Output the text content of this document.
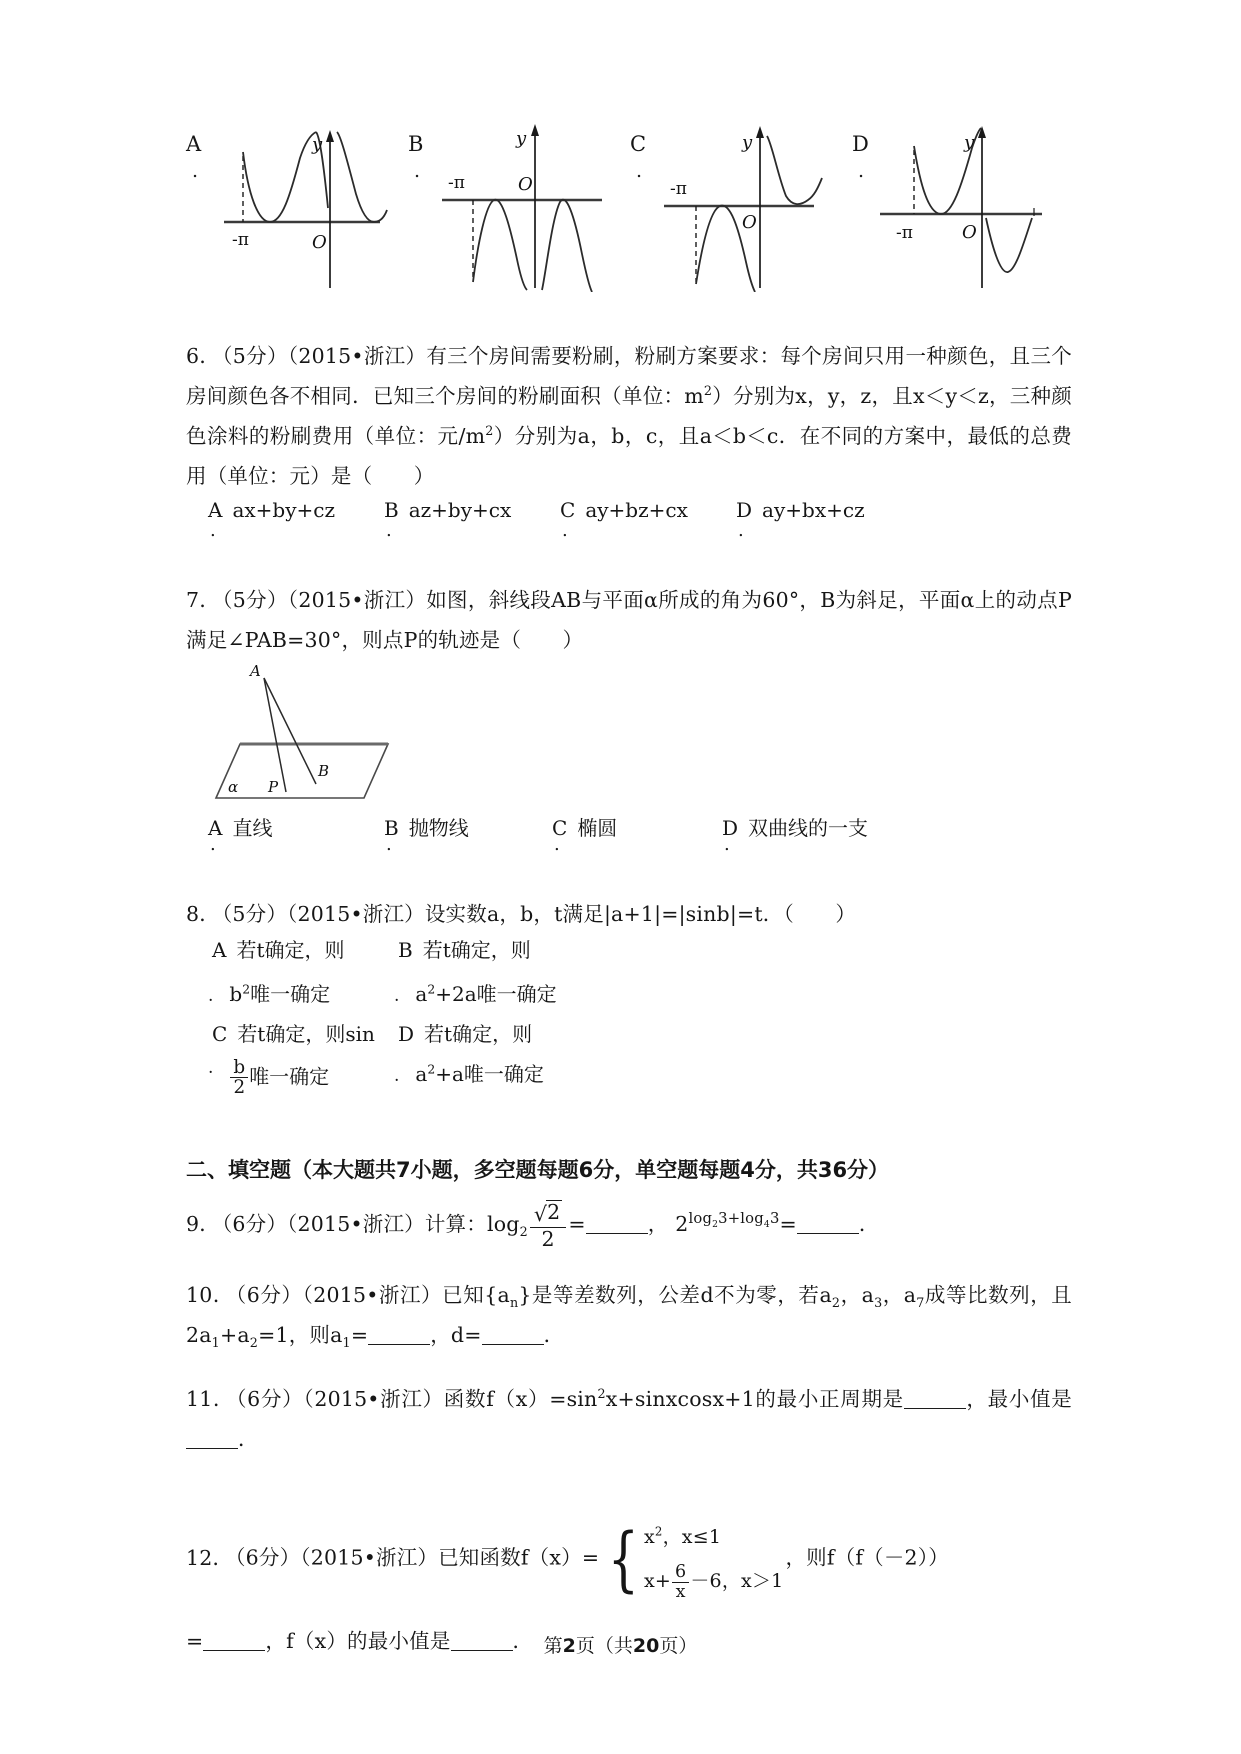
A
.
-π	O
y	B
.
-π	O
y	C
.
-π
O
y	D
.
-π	O
y

6．（5分）（2015•浙江）有三个房间需要粉刷，粉刷方案要求：每个房间只用一种颜色，且三个房间颜色各不相同．已知三个房间的粉刷面积（单位：$m^2$）分别为x，y，z，且x＜y＜z，三种颜色涂料的粉刷费用（单位：元$/m^2$）分别为a，b，c，且a＜b＜c．在不同的方案中，最低的总费用（单位：元）是（　　）

A ax+by+cz
.
B az+by+cx
.
C ay+bz+cx
.
D ay+bx+cz
.

7．（5分）（2015•浙江）如图，斜线段AB与平面α所成的角为60°，B为斜足，平面α上的动点P满足∠PAB=30°，则点P的轨迹是（　　）

A
α P
B
A 直线
.
B 抛物线
.
C 椭圆
.
D 双曲线的一支
.

8．（5分）（2015•浙江）设实数a，b，t满足|a+1|=|sinb|=t．（　　）

A 若t确定，则
. $b^2$唯一确定
B 若t确定，则
. $a^2+2a$唯一确定
C 若t确定，则sin
$^. \frac{b}{2}$ 唯一确定
D 若t确定，则
. $a^2+a$唯一确定
二、填空题（本大题共7小题，多空题每题6分，单空题每题4分，共36分）

9．（6分）（2015•浙江）计算：$\log_2 \frac{√2}{2}$ =	， $2^{log_23+log_43}=$	．

10．（6分）（2015•浙江）已知$\{a_n\}$是等差数列，公差d不为零，若$a_2$，$a_3$，$a_7$成等比数列，且$2a_1+a_2=1$，则$a_1=$	，d=	．

11．（6分）（2015•浙江）函数$f(x)=\sin^2x+sinxcosx+1$的最小正周期是	，最小值是．

12．（6分）（2015•浙江）已知函数f（x）= { $x^2$，x≤1
$x+ \frac{6}{x} -6$，x＞1
，则f（f（－2））

=	，f（x）的最小值是	． 第2页（共20页）
